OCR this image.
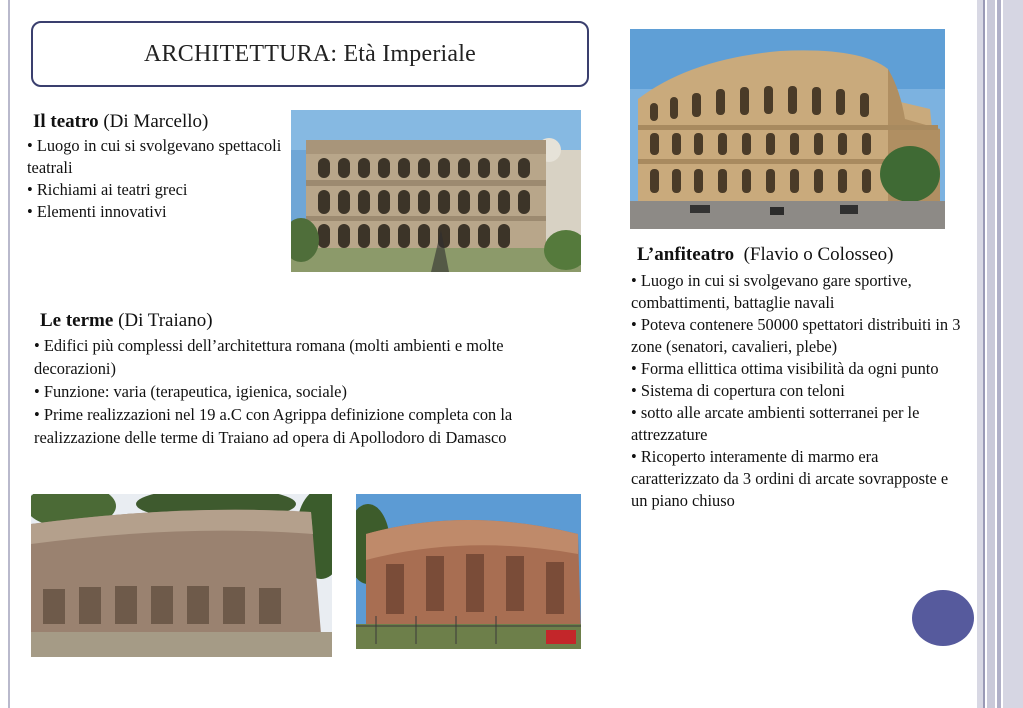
ARCHITETTURA: Età Imperiale
Il teatro (Di Marcello)
• Luogo in cui si svolgevano spettacoli teatrali
• Richiami ai teatri greci
• Elementi innovativi
L’anfiteatro  (Flavio o Colosseo)
• Luogo in cui si svolgevano gare sportive, combattimenti, battaglie navali
• Poteva contenere 50000 spettatori distribuiti in 3 zone (senatori, cavalieri, plebe)
• Forma ellittica ottima visibilità da ogni punto
• Sistema di copertura con teloni
• sotto alle arcate ambienti sotterranei per le attrezzature
• Ricoperto interamente di marmo era caratterizzato da 3 ordini di arcate sovrapposte e un piano chiuso
Le terme (Di Traiano)
• Edifici più complessi dell’architettura romana (molti ambienti e molte decorazioni)
• Funzione: varia (terapeutica, igienica, sociale)
• Prime realizzazioni nel 19 a.C con Agrippa definizione completa con la realizzazione delle terme di Traiano ad opera di Apollodoro di Damasco
